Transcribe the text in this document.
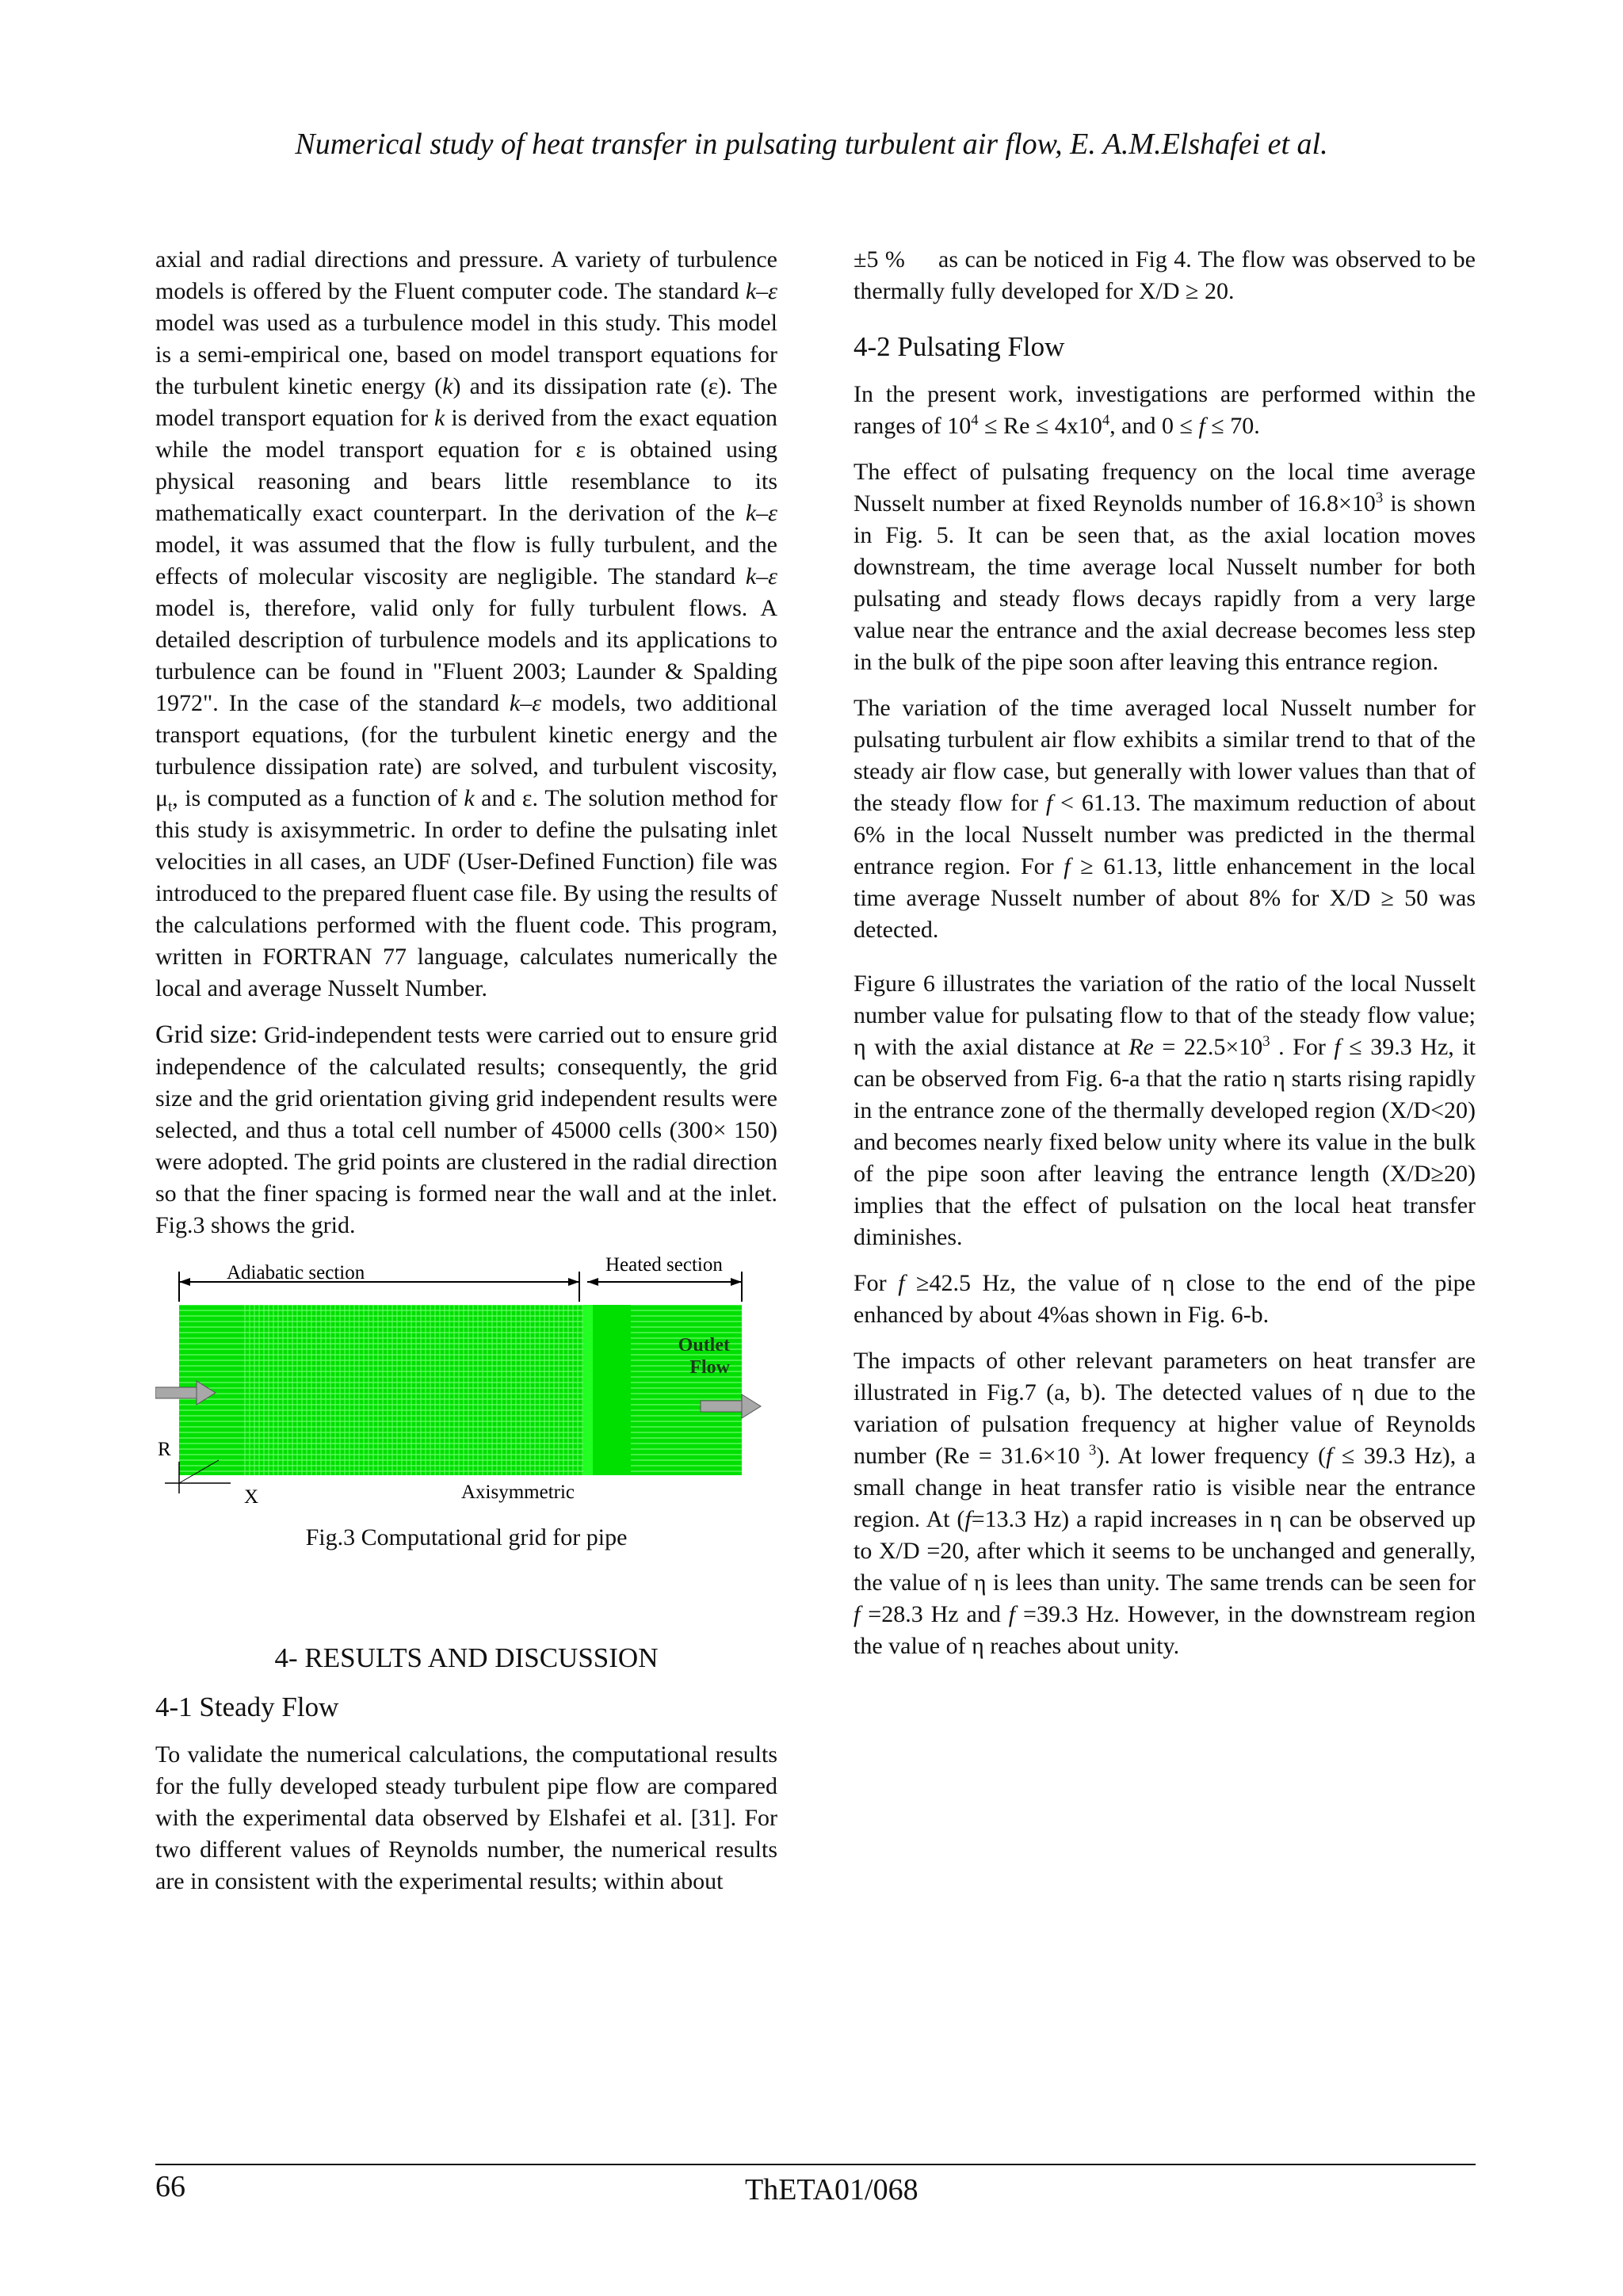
Numerical study of heat transfer in pulsating turbulent air flow, E. A.M.Elshafei et al.

axial and radial directions and pressure. A variety of turbulence models is offered by the Fluent computer code. The standard k–ε model was used as a turbulence model in this study. This model is a semi-empirical one, based on model transport equations for the turbulent kinetic energy (k) and its dissipation rate (ε). The model transport equation for k is derived from the exact equation while the model transport equation for ε is obtained using physical reasoning and bears little resemblance to its mathematically exact counterpart. In the derivation of the k–ε model, it was assumed that the flow is fully turbulent, and the effects of molecular viscosity are negligible. The standard k–ε model is, therefore, valid only for fully turbulent flows. A detailed description of turbulence models and its applications to turbulence can be found in "Fluent 2003; Launder & Spalding 1972". In the case of the standard k–ε models, two additional transport equations, (for the turbulent kinetic energy and the turbulence dissipation rate) are solved, and turbulent viscosity, $\mu_t$, is computed as a function of k and ε. The solution method for this study is axisymmetric. In order to define the pulsating inlet velocities in all cases, an UDF (User-Defined Function) file was introduced to the prepared fluent case file. By using the results of the calculations performed with the fluent code. This program, written in FORTRAN 77 language, calculates numerically the local and average Nusselt Number.

Grid size: Grid-independent tests were carried out to ensure grid independence of the calculated results; consequently, the grid size and the grid orientation giving grid independent results were selected, and thus a total cell number of 45000 cells (300× 150) were adopted. The grid points are clustered in the radial direction so that the finer spacing is formed near the wall and at the inlet. Fig.3 shows the grid.

Adiabatic section	Heated section
Outlet
Flow
R
X	Axisymmetric
Fig.3 Computational grid for pipe
4- RESULTS AND DISCUSSION
4-1 Steady Flow

To validate the numerical calculations, the computational results for the fully developed steady turbulent pipe flow are compared with the experimental data observed by Elshafei et al. [31]. For two different values of Reynolds number, the numerical results are in consistent with the experimental results; within about

±5 %     as can be noticed in Fig 4. The flow was observed to be thermally fully developed for X/D ≥ 20.

4-2 Pulsating Flow

In the present work, investigations are performed within the ranges of $10^4 \le Re \le 4x10^4$, and 0 ≤ f ≤ 70.

The effect of pulsating frequency on the local time average Nusselt number at fixed Reynolds number of $16.8\times 10^3$ is shown in Fig. 5. It can be seen that, as the axial location moves downstream, the time average local Nusselt number for both pulsating and steady flows decays rapidly from a very large value near the entrance and the axial decrease becomes less step in the bulk of the pipe soon after leaving this entrance region.

The variation of the time averaged local Nusselt number for pulsating turbulent air flow exhibits a similar trend to that of the steady air flow case, but generally with lower values than that of the steady flow for f < 61.13. The maximum reduction of about 6% in the local Nusselt number was predicted in the thermal entrance region. For f ≥ 61.13, little enhancement in the local time average Nusselt number of about 8% for X/D ≥ 50 was detected.

Figure 6 illustrates the variation of the ratio of the local Nusselt number value for pulsating flow to that of the steady flow value; η with the axial distance at $Re = 22.5\times 10^3$ . For f ≤ 39.3 Hz, it can be observed from Fig. 6-a that the ratio η starts rising rapidly in the entrance zone of the thermally developed region (X/D<20) and becomes nearly fixed below unity where its value in the bulk of the pipe soon after leaving the entrance length (X/D≥20) implies that the effect of pulsation on the local heat transfer diminishes.

For f ≥42.5 Hz, the value of η close to the end of the pipe enhanced by about 4%as shown in Fig. 6-b.

The impacts of other relevant parameters on heat transfer are illustrated in Fig.7 (a, b). The detected values of η due to the variation of pulsation frequency at higher value of Reynolds number (Re = 31.6×10 $^3$). At lower frequency (f ≤ 39.3 Hz), a small change in heat transfer ratio is visible near the entrance region. At (f=13.3 Hz) a rapid increases in η can be observed up to X/D =20, after which it seems to be unchanged and generally, the value of η is lees than unity. The same trends can be seen for f =28.3 Hz and f =39.3 Hz. However, in the downstream region the value of η reaches about unity.

66	ThETA01/068
